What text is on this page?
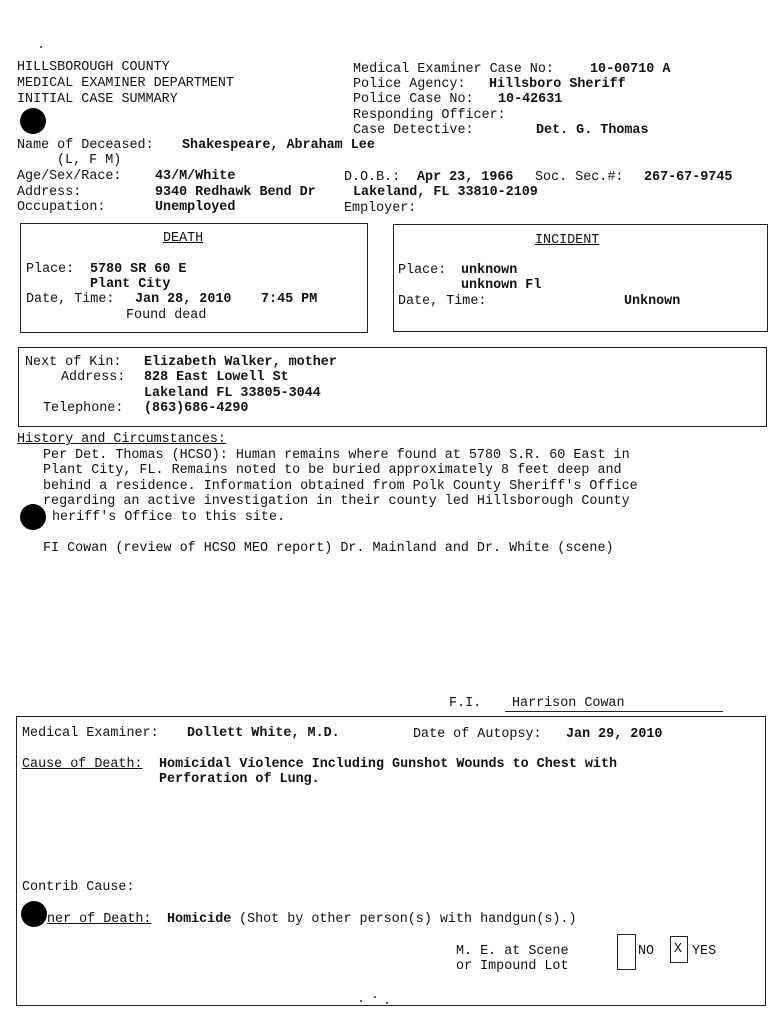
HILLSBOROUGH COUNTY
MEDICAL EXAMINER DEPARTMENT
INITIAL CASE SUMMARY
Medical Examiner Case No:	10-00710 A
Police Agency: Hillsboro Sheriff
Police Case No: 10-42631
Responding Officer:
Case Detective:	Det. G. Thomas
Name of Deceased: Shakespeare, Abraham Lee
(L, F M)
Age/Sex/Race:	43/M/White	D.O.B.: Apr 23, 1966 Soc. Sec.#: 267-67-9745
Address:	9340 Redhawk Bend Dr	Lakeland, FL 33810-2109
Occupation:	Unemployed	Employer:
DEATH
Place: 5780 SR 60 E
Plant City
Date, Time: Jan 28, 2010 7:45 PM
Found dead
INCIDENT
Place: unknown
unknown Fl
Date, Time:	Unknown
Next of Kin: Elizabeth Walker, mother
Address: 828 East Lowell St
Lakeland FL 33805-3044
Telephone: (863)686-4290
History and Circumstances:
Per Det. Thomas (HCSO): Human remains where found at 5780 S.R. 60 East in
Plant City, FL. Remains noted to be buried approximately 8 feet deep and
behind a residence. Information obtained from Polk County Sheriff's Office
regarding an active investigation in their county led Hillsborough County
heriff's Office to this site.
FI Cowan (review of HCSO MEO report) Dr. Mainland and Dr. White (scene)
F.I. Harrison Cowan
Medical Examiner: Dollett White, M.D.	Date of Autopsy: Jan 29, 2010
Cause of Death: Homicidal Violence Including Gunshot Wounds to Chest with
Perforation of Lung.
Contrib Cause:
ner of Death: Homicide (Shot by other person(s) with handgun(s).)
M. E. at Scene
or Impound Lot
NO X YES
